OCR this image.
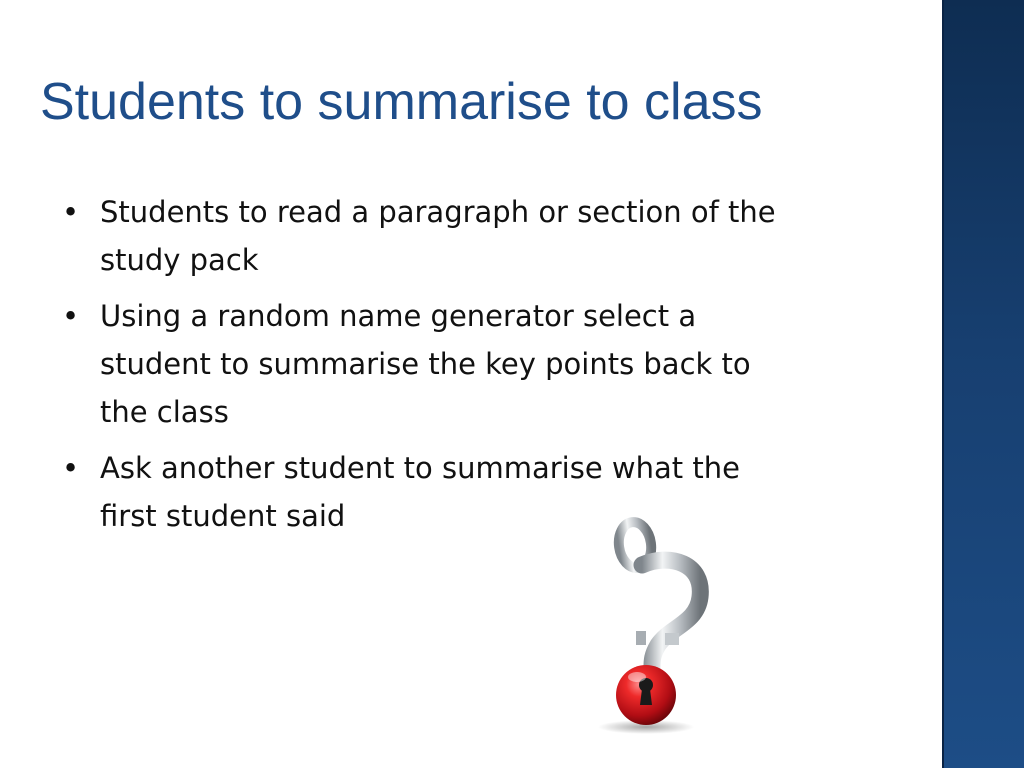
Students to summarise to class
• Students to read a paragraph or section of the
study pack
• Using a random name generator select a
student to summarise the key points back to
the class
• Ask another student to summarise what the
first student said
